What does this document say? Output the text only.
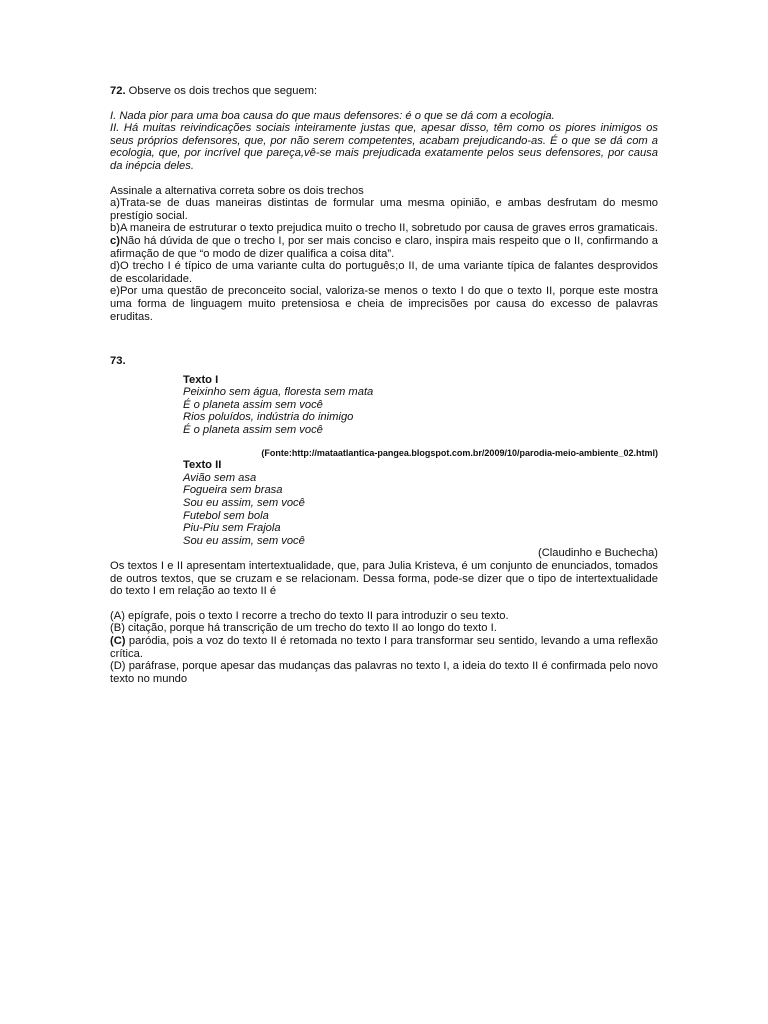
72. Observe os dois trechos que seguem:

I. Nada pior para uma boa causa do que maus defensores: é o que se dá com a ecologia.

II. Há muitas reivindicações sociais inteiramente justas que, apesar disso, têm como os piores inimigos os seus próprios defensores, que, por não serem competentes, acabam prejudicando-as. É o que se dá com a ecologia, que, por incrível que pareça,vê-se mais prejudicada exatamente pelos seus defensores, por causa da inépcia deles.

Assinale a alternativa correta sobre os dois trechos

a)Trata-se de duas maneiras distintas de formular uma mesma opinião, e ambas desfrutam do mesmo prestígio social.

b)A maneira de estruturar o texto prejudica muito o trecho II, sobretudo por causa de graves erros gramaticais.

c)Não há dúvida de que o trecho I, por ser mais conciso e claro, inspira mais respeito que o II, confirmando a afirmação de que “o modo de dizer qualifica a coisa dita”.

d)O trecho I é típico de uma variante culta do português;o II, de uma variante típica de falantes desprovidos de escolaridade.

e)Por uma questão de preconceito social, valoriza-se menos o texto I do que o texto II, porque este mostra uma forma de linguagem muito pretensiosa e cheia de imprecisões por causa do excesso de palavras eruditas.

73.

Texto I

Peixinho sem água, floresta sem mata

É o planeta assim sem você

Rios poluídos, indústria do inimigo

É o planeta assim sem você

(Fonte:http://mataatlantica-pangea.blogspot.com.br/2009/10/parodia-meio-ambiente_02.html)

Texto II

Avião sem asa

Fogueira sem brasa

Sou eu assim, sem você

Futebol sem bola

Piu-Piu sem Frajola

Sou eu assim, sem você

(Claudinho e Buchecha)

Os textos I e II apresentam intertextualidade, que, para Julia Kristeva, é um conjunto de enunciados, tomados de outros textos, que se cruzam e se relacionam. Dessa forma, pode-se dizer que o tipo de intertextualidade do texto I em relação ao texto II é

(A) epígrafe, pois o texto I recorre a trecho do texto II para introduzir o seu texto.

(B) citação, porque há transcrição de um trecho do texto II ao longo do texto I.

(C) paródia, pois a voz do texto II é retomada no texto I para transformar seu sentido, levando a uma reflexão crítica.

(D) paráfrase, porque apesar das mudanças das palavras no texto I, a ideia do texto II é confirmada pelo novo texto no mundo
